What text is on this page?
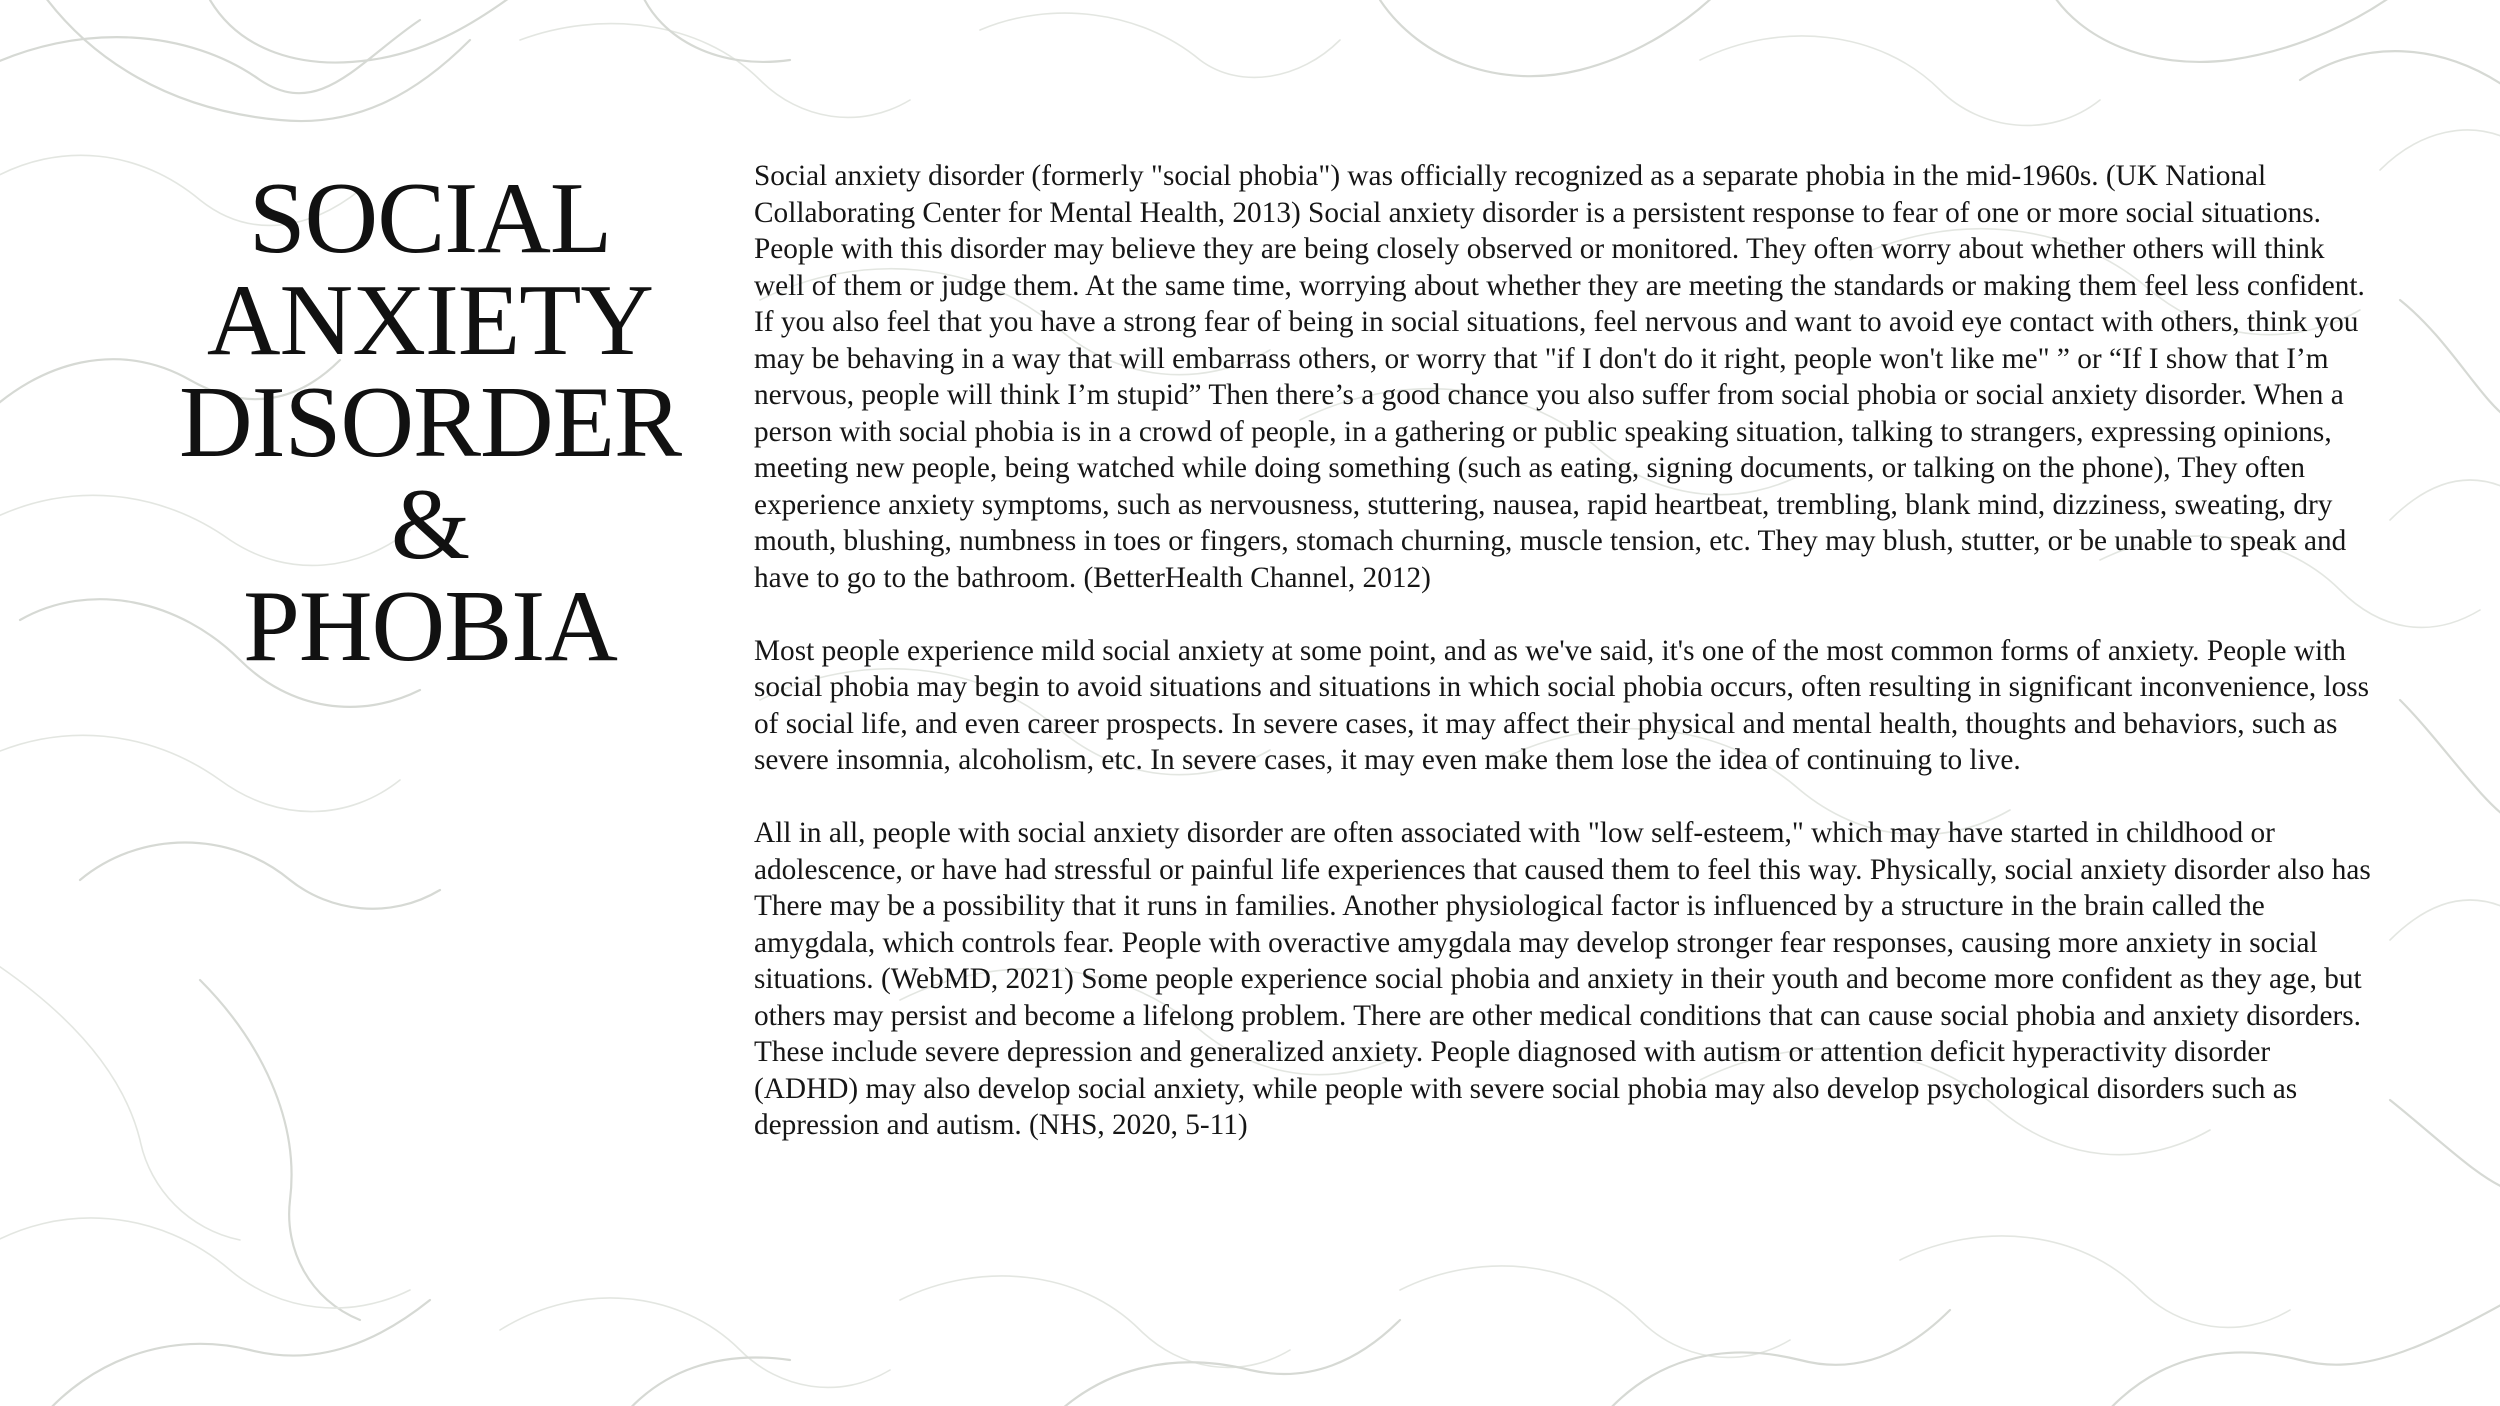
SOCIAL
ANXIETY
DISORDER
&
PHOBIA

Social anxiety disorder (formerly "social phobia") was officially recognized as a separate phobia in the mid-1960s. (UK National Collaborating Center for Mental Health, 2013) Social anxiety disorder is a persistent response to fear of one or more social situations. People with this disorder may believe they are being closely observed or monitored. They often worry about whether others will think well of them or judge them. At the same time, worrying about whether they are meeting the standards or making them feel less confident. If you also feel that you have a strong fear of being in social situations, feel nervous and want to avoid eye contact with others, think you may be behaving in a way that will embarrass others, or worry that "if I don't do it right, people won't like me" ” or “If I show that I’m nervous, people will think I’m stupid” Then there’s a good chance you also suffer from social phobia or social anxiety disorder. When a person with social phobia is in a crowd of people, in a gathering or public speaking situation, talking to strangers, expressing opinions, meeting new people, being watched while doing something (such as eating, signing documents, or talking on the phone), They often experience anxiety symptoms, such as nervousness, stuttering, nausea, rapid heartbeat, trembling, blank mind, dizziness, sweating, dry mouth, blushing, numbness in toes or fingers, stomach churning, muscle tension, etc. They may blush, stutter, or be unable to speak and have to go to the bathroom. (BetterHealth Channel, 2012)

Most people experience mild social anxiety at some point, and as we've said, it's one of the most common forms of anxiety. People with social phobia may begin to avoid situations and situations in which social phobia occurs, often resulting in significant inconvenience, loss of social life, and even career prospects. In severe cases, it may affect their physical and mental health, thoughts and behaviors, such as severe insomnia, alcoholism, etc. In severe cases, it may even make them lose the idea of continuing to live.

All in all, people with social anxiety disorder are often associated with "low self-esteem," which may have started in childhood or adolescence, or have had stressful or painful life experiences that caused them to feel this way. Physically, social anxiety disorder also has There may be a possibility that it runs in families. Another physiological factor is influenced by a structure in the brain called the amygdala, which controls fear. People with overactive amygdala may develop stronger fear responses, causing more anxiety in social situations. (WebMD, 2021) Some people experience social phobia and anxiety in their youth and become more confident as they age, but others may persist and become a lifelong problem. There are other medical conditions that can cause social phobia and anxiety disorders. These include severe depression and generalized anxiety. People diagnosed with autism or attention deficit hyperactivity disorder (ADHD) may also develop social anxiety, while people with severe social phobia may also develop psychological disorders such as depression and autism. (NHS, 2020, 5-11)
